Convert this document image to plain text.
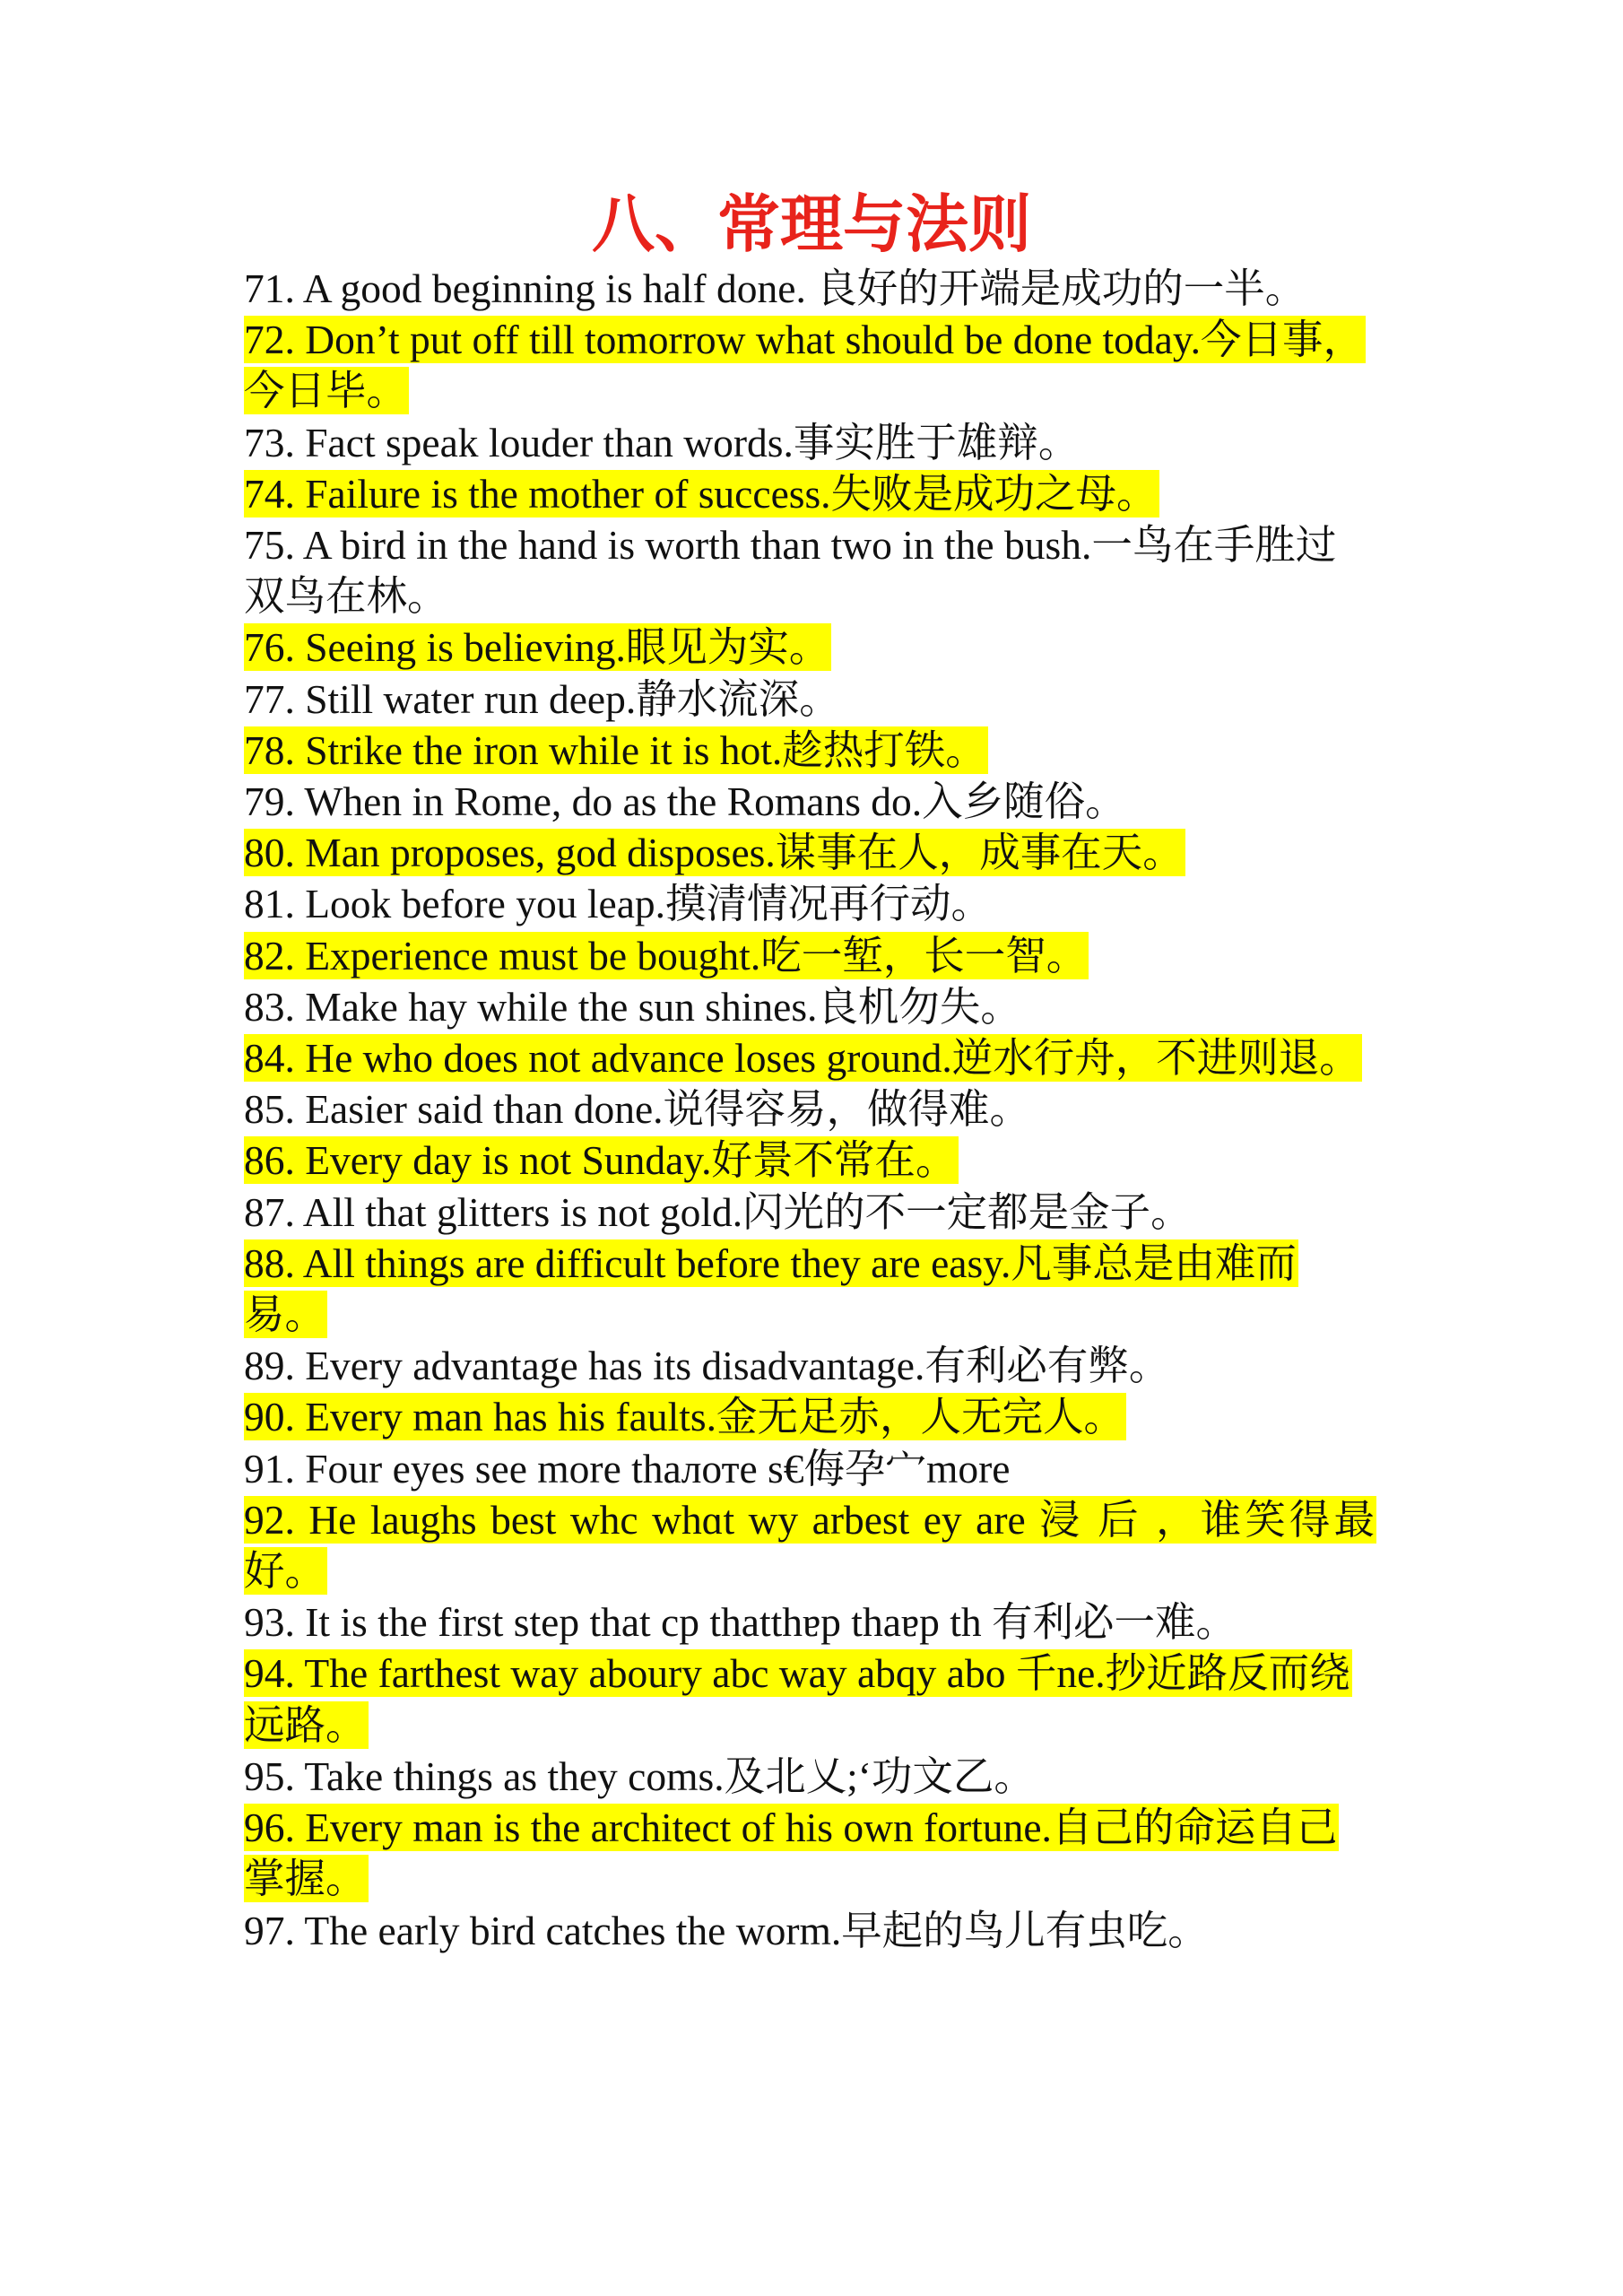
八、常理与法则

71. A good beginning is half done. 良好的开端是成功的一半。

72. Don’t put off till tomorrow what should be done today.今日事，今日毕。

73. Fact speak louder than words.事实胜于雄辩。

74. Failure is the mother of success.失败是成功之母。

75. A bird in the hand is worth than two in the bush.一鸟在手胜过双鸟在林。

76. Seeing is believing.眼见为实。

77. Still water run deep.静水流深。

78. Strike the iron while it is hot.趁热打铁。

79. When in Rome, do as the Romans do.入乡随俗。

80. Man proposes, god disposes.谋事在人，成事在天。

81. Look before you leap.摸清情况再行动。

82. Experience must be bought.吃一堑，长一智。

83. Make hay while the sun shines.良机勿失。

84. He who does not advance loses ground.逆水行舟，不进则退。

85. Easier said than done.说得容易，做得难。

86. Every day is not Sunday.好景不常在。

87. All that glitters is not gold.闪光的不一定都是金子。

88. All things are difficult before they are easy.凡事总是由难而易。

89. Every advantage has its disadvantage.有利必有弊。

90. Every man has his faults.金无足赤，人无完人。

91. Four eyes see more thaлоте s€侮孕宀more

92. He laughs best whc whɑt wy arbest ey are 浸 后 ，谁笑得最好。

93. It is the first step that cp thatthɐp thaɐp th 有利必一难。

94. The farthest way aboury abc way abqy abo 千ne.抄近路反而绕远路。

95. Take things as they coms.及北乂;ʻ功文乙。

96. Every man is the architect of his own fortune.自己的命运自己掌握。

97. The early bird catches the worm.早起的鸟儿有虫吃。
